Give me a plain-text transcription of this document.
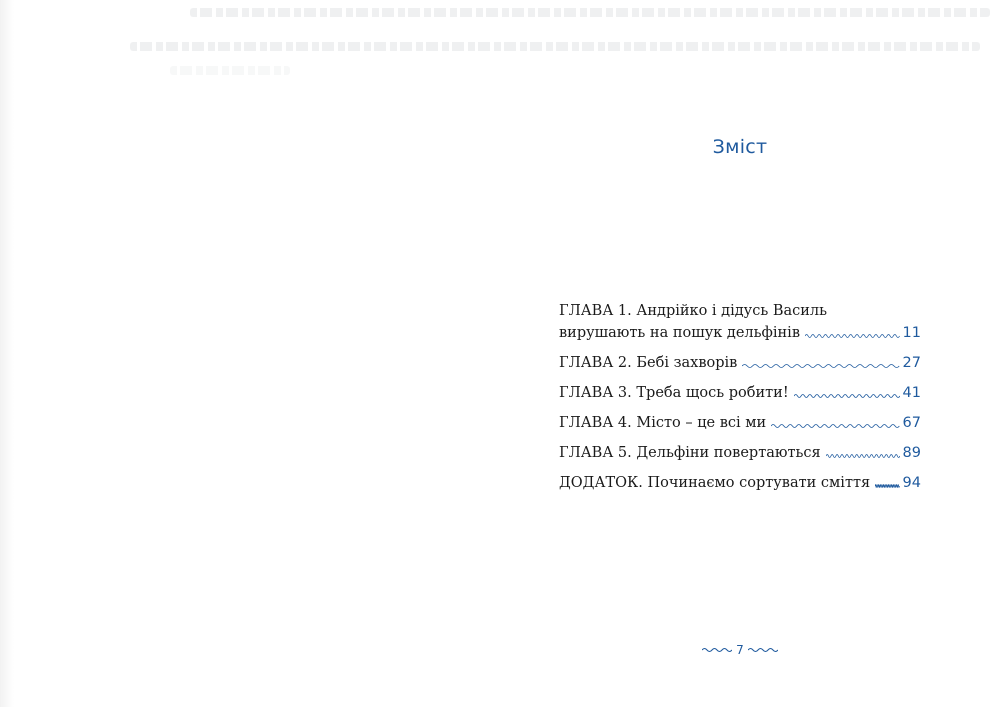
Зміст
ГЛАВА 1. Андрійко і дідусь Василь
вирушають на пошук дельфінів	11
ГЛАВА 2. Бебі захворів	27
ГЛАВА 3. Треба щось робити!	41
ГЛАВА 4. Місто – це всі ми	67
ГЛАВА 5. Дельфіни повертаються	89
ДОДАТОК. Починаємо сортувати сміття 94
7
